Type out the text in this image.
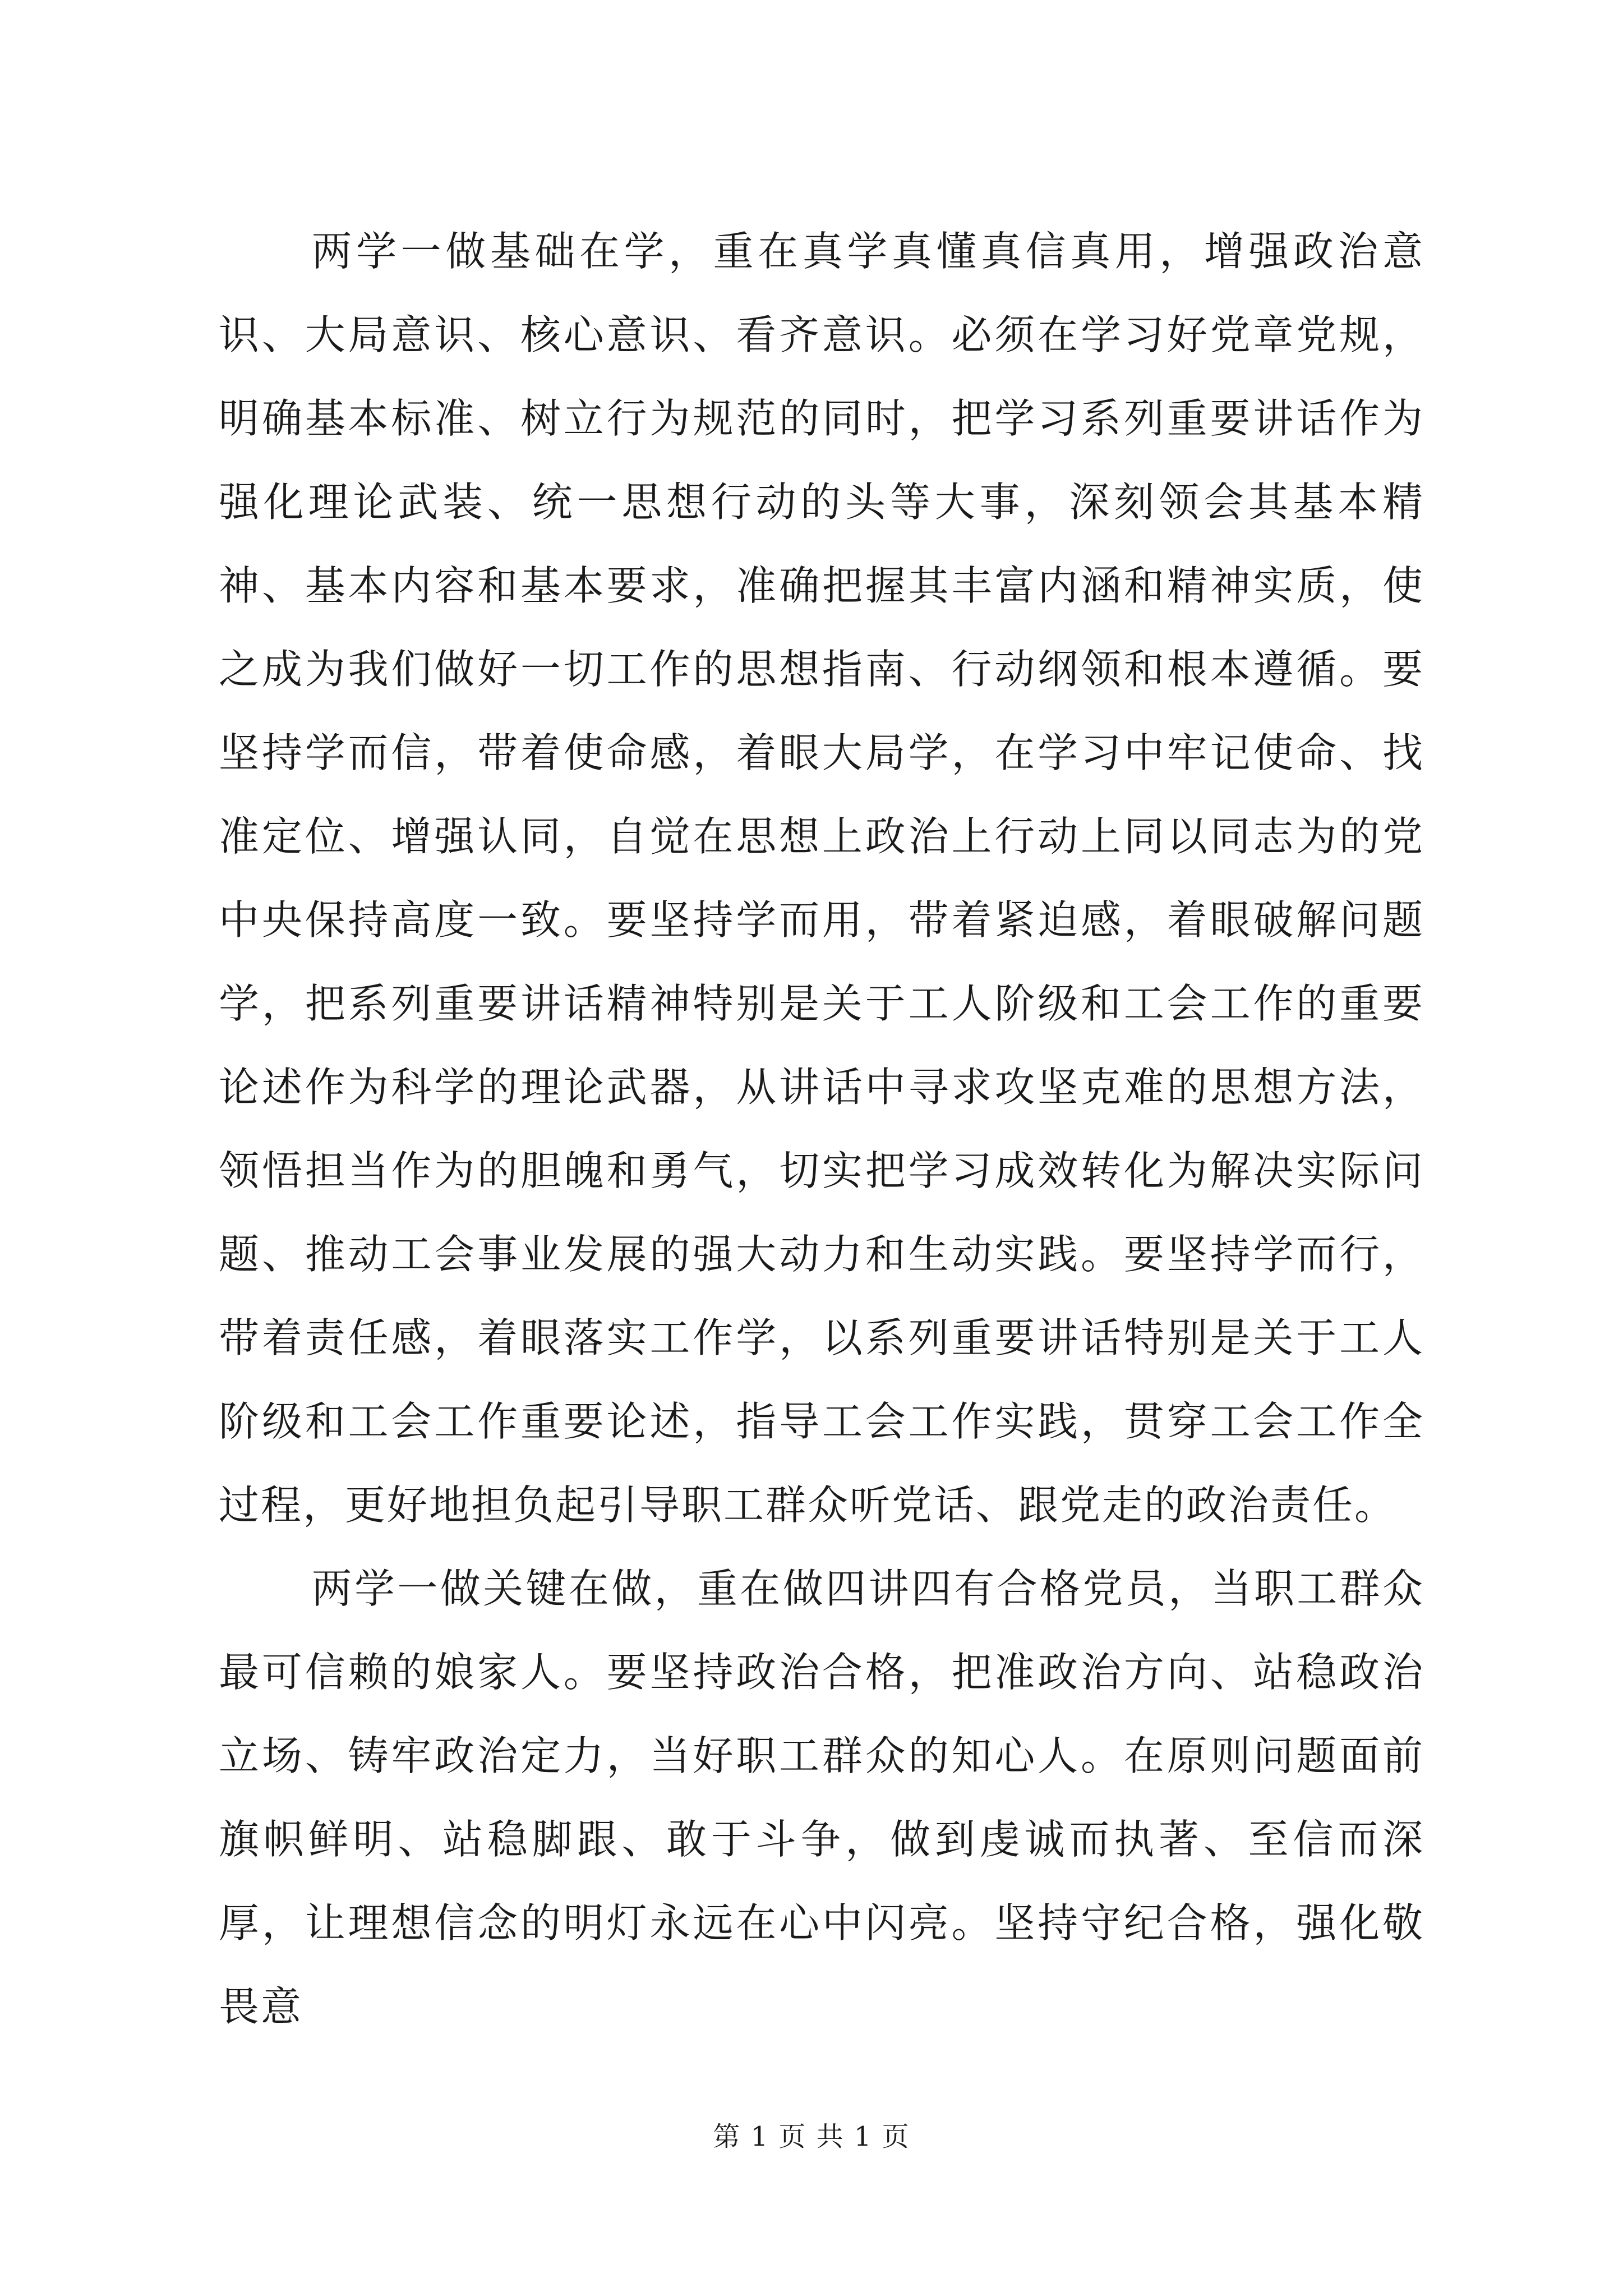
两学一做基础在学，重在真学真懂真信真用，增强政治意识、大局意识、核心意识、看齐意识。必须在学习好党章党规，明确基本标准、树立行为规范的同时，把学习系列重要讲话作为强化理论武装、统一思想行动的头等大事，深刻领会其基本精神、基本内容和基本要求，准确把握其丰富内涵和精神实质，使之成为我们做好一切工作的思想指南、行动纲领和根本遵循。要坚持学而信，带着使命感，着眼大局学，在学习中牢记使命、找准定位、增强认同，自觉在思想上政治上行动上同以同志为的党中央保持高度一致。要坚持学而用，带着紧迫感，着眼破解问题学，把系列重要讲话精神特别是关于工人阶级和工会工作的重要论述作为科学的理论武器，从讲话中寻求攻坚克难的思想方法，领悟担当作为的胆魄和勇气，切实把学习成效转化为解决实际问题、推动工会事业发展的强大动力和生动实践。要坚持学而行，带着责任感，着眼落实工作学，以系列重要讲话特别是关于工人阶级和工会工作重要论述，指导工会工作实践，贯穿工会工作全过程，更好地担负起引导职工群众听党话、跟党走的政治责任。

两学一做关键在做，重在做四讲四有合格党员，当职工群众最可信赖的娘家人。要坚持政治合格，把准政治方向、站稳政治立场、铸牢政治定力，当好职工群众的知心人。在原则问题面前旗帜鲜明、站稳脚跟、敢于斗争，做到虔诚而执著、至信而深厚，让理想信念的明灯永远在心中闪亮。坚持守纪合格，强化敬畏意

第 1 页 共 1 页
